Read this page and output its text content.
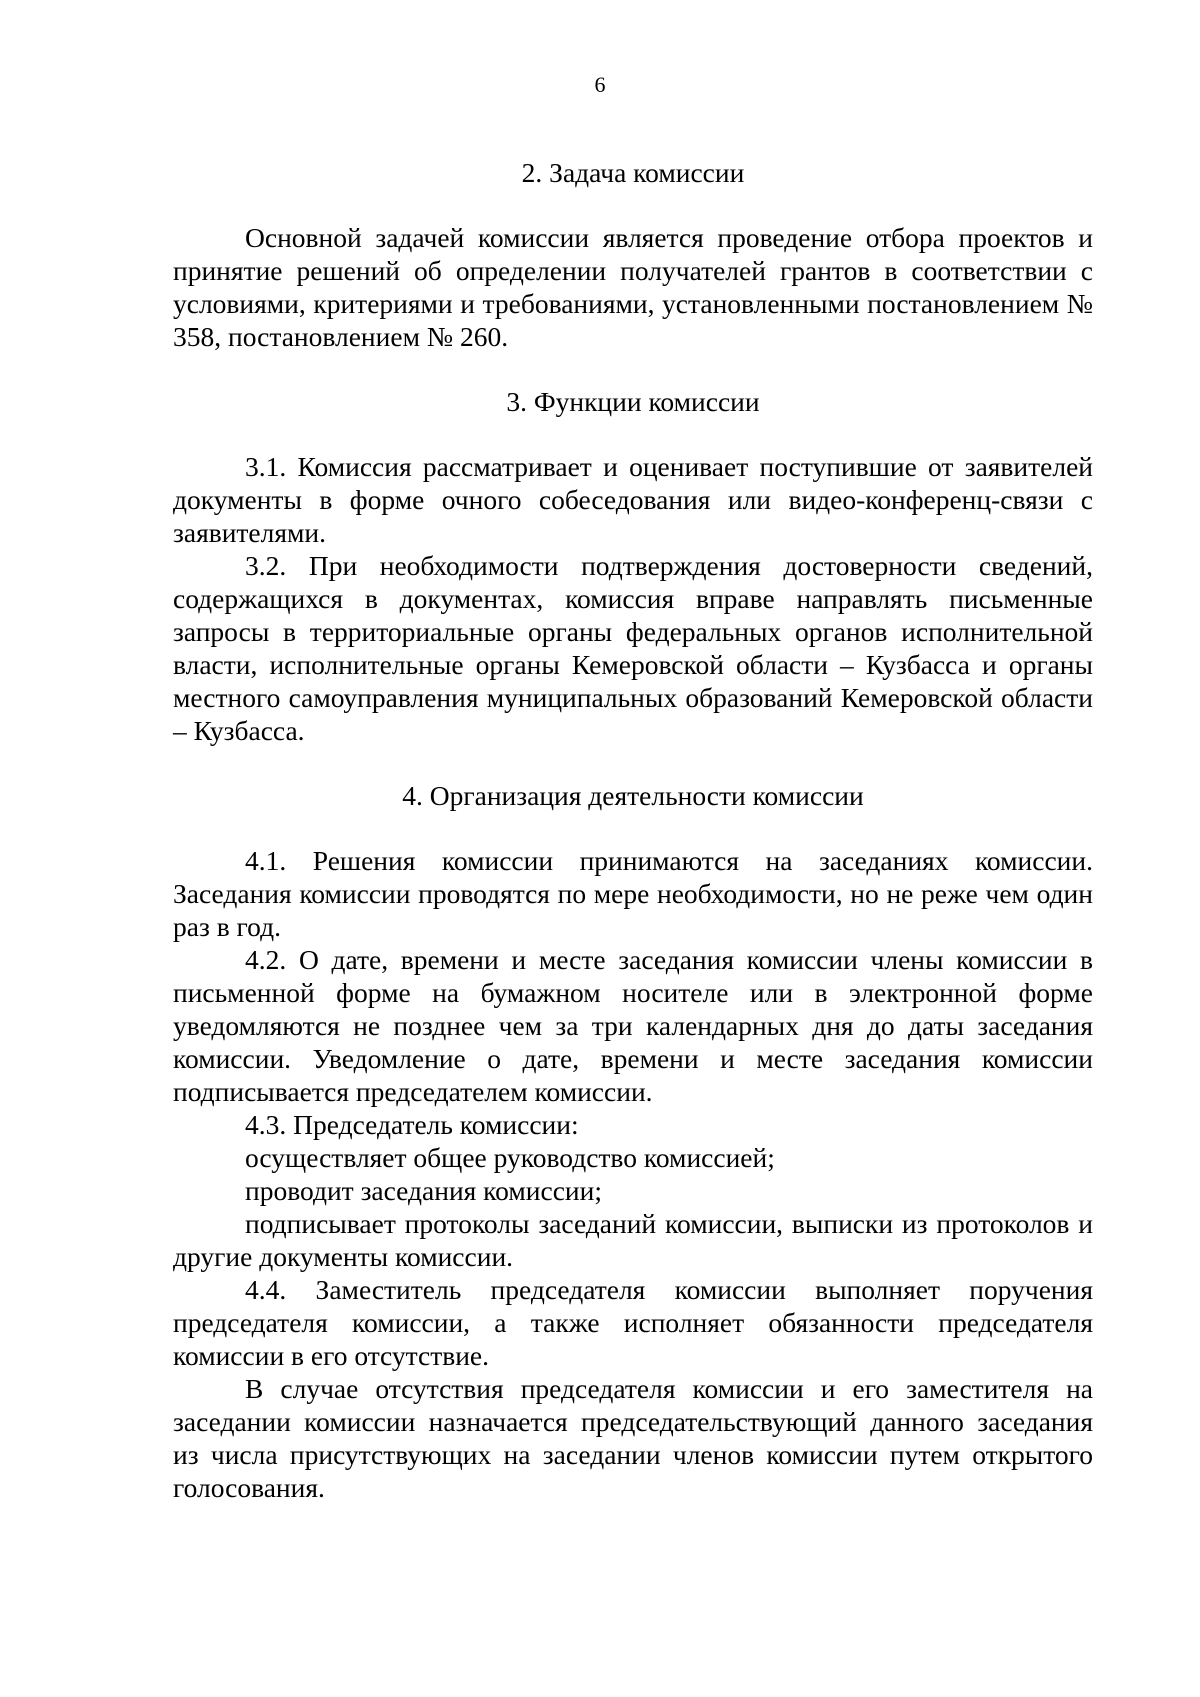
6

2. Задача комиссии

Основной задачей комиссии является проведение отбора проектов и принятие решений об определении получателей грантов в соответствии с условиями, критериями и требованиями, установленными постановлением № 358, постановлением № 260.

3. Функции комиссии

3.1. Комиссия рассматривает и оценивает поступившие от заявителей документы в форме очного собеседования или видео-конференц-связи с заявителями.

3.2. При необходимости подтверждения достоверности сведений, содержащихся в документах, комиссия вправе направлять письменные запросы в территориальные органы федеральных органов исполнительной власти, исполнительные органы Кемеровской области – Кузбасса и органы местного самоуправления муниципальных образований Кемеровской области – Кузбасса.

4. Организация деятельности комиссии

4.1. Решения комиссии принимаются на заседаниях комиссии. Заседания комиссии проводятся по мере необходимости, но не реже чем один раз в год.

4.2. О дате, времени и месте заседания комиссии члены комиссии в письменной форме на бумажном носителе или в электронной форме уведомляются не позднее чем за три календарных дня до даты заседания комиссии. Уведомление о дате, времени и месте заседания комиссии подписывается председателем комиссии.

4.3. Председатель комиссии:

осуществляет общее руководство комиссией;

проводит заседания комиссии;

подписывает протоколы заседаний комиссии, выписки из протоколов и другие документы комиссии.

4.4. Заместитель председателя комиссии выполняет поручения председателя комиссии, а также исполняет обязанности председателя комиссии в его отсутствие.

В случае отсутствия председателя комиссии и его заместителя на заседании комиссии назначается председательствующий данного заседания из числа присутствующих на заседании членов комиссии путем открытого голосования.
